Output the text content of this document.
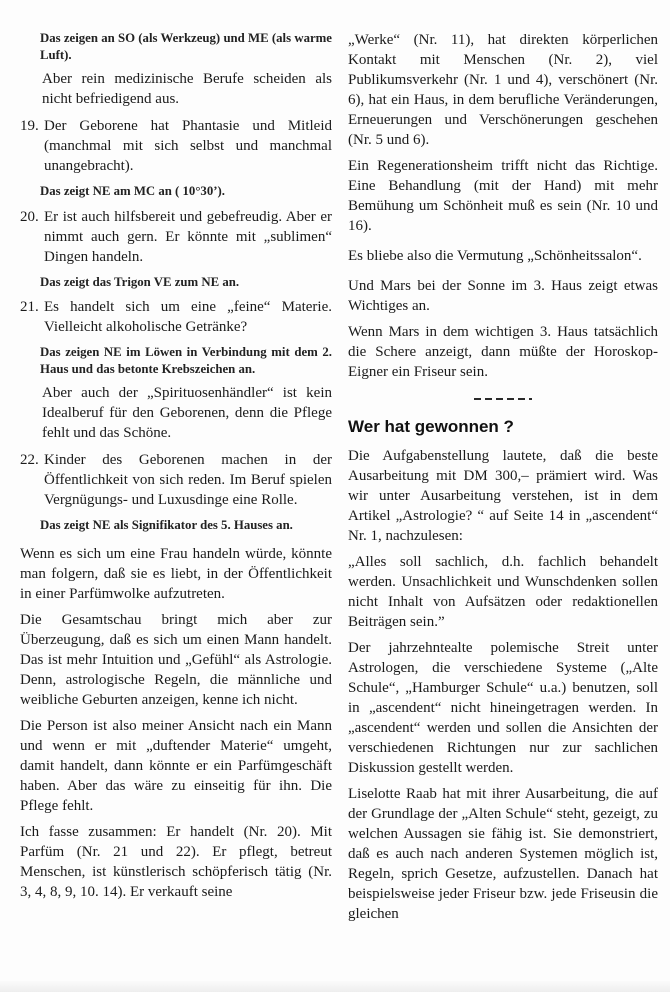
Das zeigen an SO (als Werkzeug) und ME (als warme Luft).
Aber rein medizinische Berufe scheiden als nicht befriedigend aus.
19. Der Geborene hat Phantasie und Mitleid (manchmal mit sich selbst und manchmal unangebracht).
Das zeigt NE am MC an ( 10°30’).
20. Er ist auch hilfsbereit und gebefreudig. Aber er nimmt auch gern. Er könnte mit „sublimen“ Dingen handeln.
Das zeigt das Trigon VE zum NE an.
21. Es handelt sich um eine „feine“ Materie. Vielleicht alkoholische Getränke?
Das zeigen NE im Löwen in Verbindung mit dem 2. Haus und das betonte Krebszeichen an.
Aber auch der „Spirituosenhändler“ ist kein Idealberuf für den Geborenen, denn die Pflege fehlt und das Schöne.
22. Kinder des Geborenen machen in der Öffentlichkeit von sich reden. Im Beruf spielen Vergnügungs- und Luxusdinge eine Rolle.
Das zeigt NE als Signifikator des 5. Hauses an.
Wenn es sich um eine Frau handeln würde, könnte man folgern, daß sie es liebt, in der Öffentlichkeit in einer Parfümwolke aufzutreten.
Die Gesamtschau bringt mich aber zur Überzeugung, daß es sich um einen Mann handelt. Das ist mehr Intuition und „Gefühl“ als Astrologie. Denn, astrologische Regeln, die männliche und weibliche Geburten anzeigen, kenne ich nicht.
Die Person ist also meiner Ansicht nach ein Mann und wenn er mit „duftender Materie“ umgeht, damit handelt, dann könnte er ein Parfümgeschäft haben. Aber das wäre zu einseitig für ihn. Die Pflege fehlt.
Ich fasse zusammen: Er handelt (Nr. 20). Mit Parfüm (Nr. 21 und 22). Er pflegt, betreut Menschen, ist künstlerisch schöpferisch tätig (Nr. 3, 4, 8, 9, 10. 14). Er verkauft seine
„Werke“ (Nr. 11), hat direkten körperlichen Kontakt mit Menschen (Nr. 2), viel Publikumsverkehr (Nr. 1 und 4), verschönert (Nr. 6), hat ein Haus, in dem berufliche Veränderungen, Erneuerungen und Verschönerungen geschehen (Nr. 5 und 6).
Ein Regenerationsheim trifft nicht das Richtige. Eine Behandlung (mit der Hand) mit mehr Bemühung um Schönheit muß es sein (Nr. 10 und 16).
Es bliebe also die Vermutung „Schönheitssalon“.
Und Mars bei der Sonne im 3. Haus zeigt etwas Wichtiges an.
Wenn Mars in dem wichtigen 3. Haus tatsächlich die Schere anzeigt, dann müßte der Horoskop-Eigner ein Friseur sein.
Wer hat gewonnen ?
Die Aufgabenstellung lautete, daß die beste Ausarbeitung mit DM 300,– prämiert wird. Was wir unter Ausarbeitung verstehen, ist in dem Artikel „Astrologie? “ auf Seite 14 in „ascendent“ Nr. 1, nachzulesen:
„Alles soll sachlich, d.h. fachlich behandelt werden. Unsachlichkeit und Wunschdenken sollen nicht Inhalt von Aufsätzen oder redaktionellen Beiträgen sein.”
Der jahrzehntealte polemische Streit unter Astrologen, die verschiedene Systeme („Alte Schule“, „Hamburger Schule“ u.a.) benutzen, soll in „ascendent“ nicht hineingetragen werden. In „ascendent“ werden und sollen die Ansichten der verschiedenen Richtungen nur zur sachlichen Diskussion gestellt werden.
Liselotte Raab hat mit ihrer Ausarbeitung, die auf der Grundlage der „Alten Schule“ steht, gezeigt, zu welchen Aussagen sie fähig ist. Sie demonstriert, daß es auch nach anderen Systemen möglich ist, Regeln, sprich Gesetze, aufzustellen. Danach hat beispielsweise jeder Friseur bzw. jede Friseusin die gleichen
